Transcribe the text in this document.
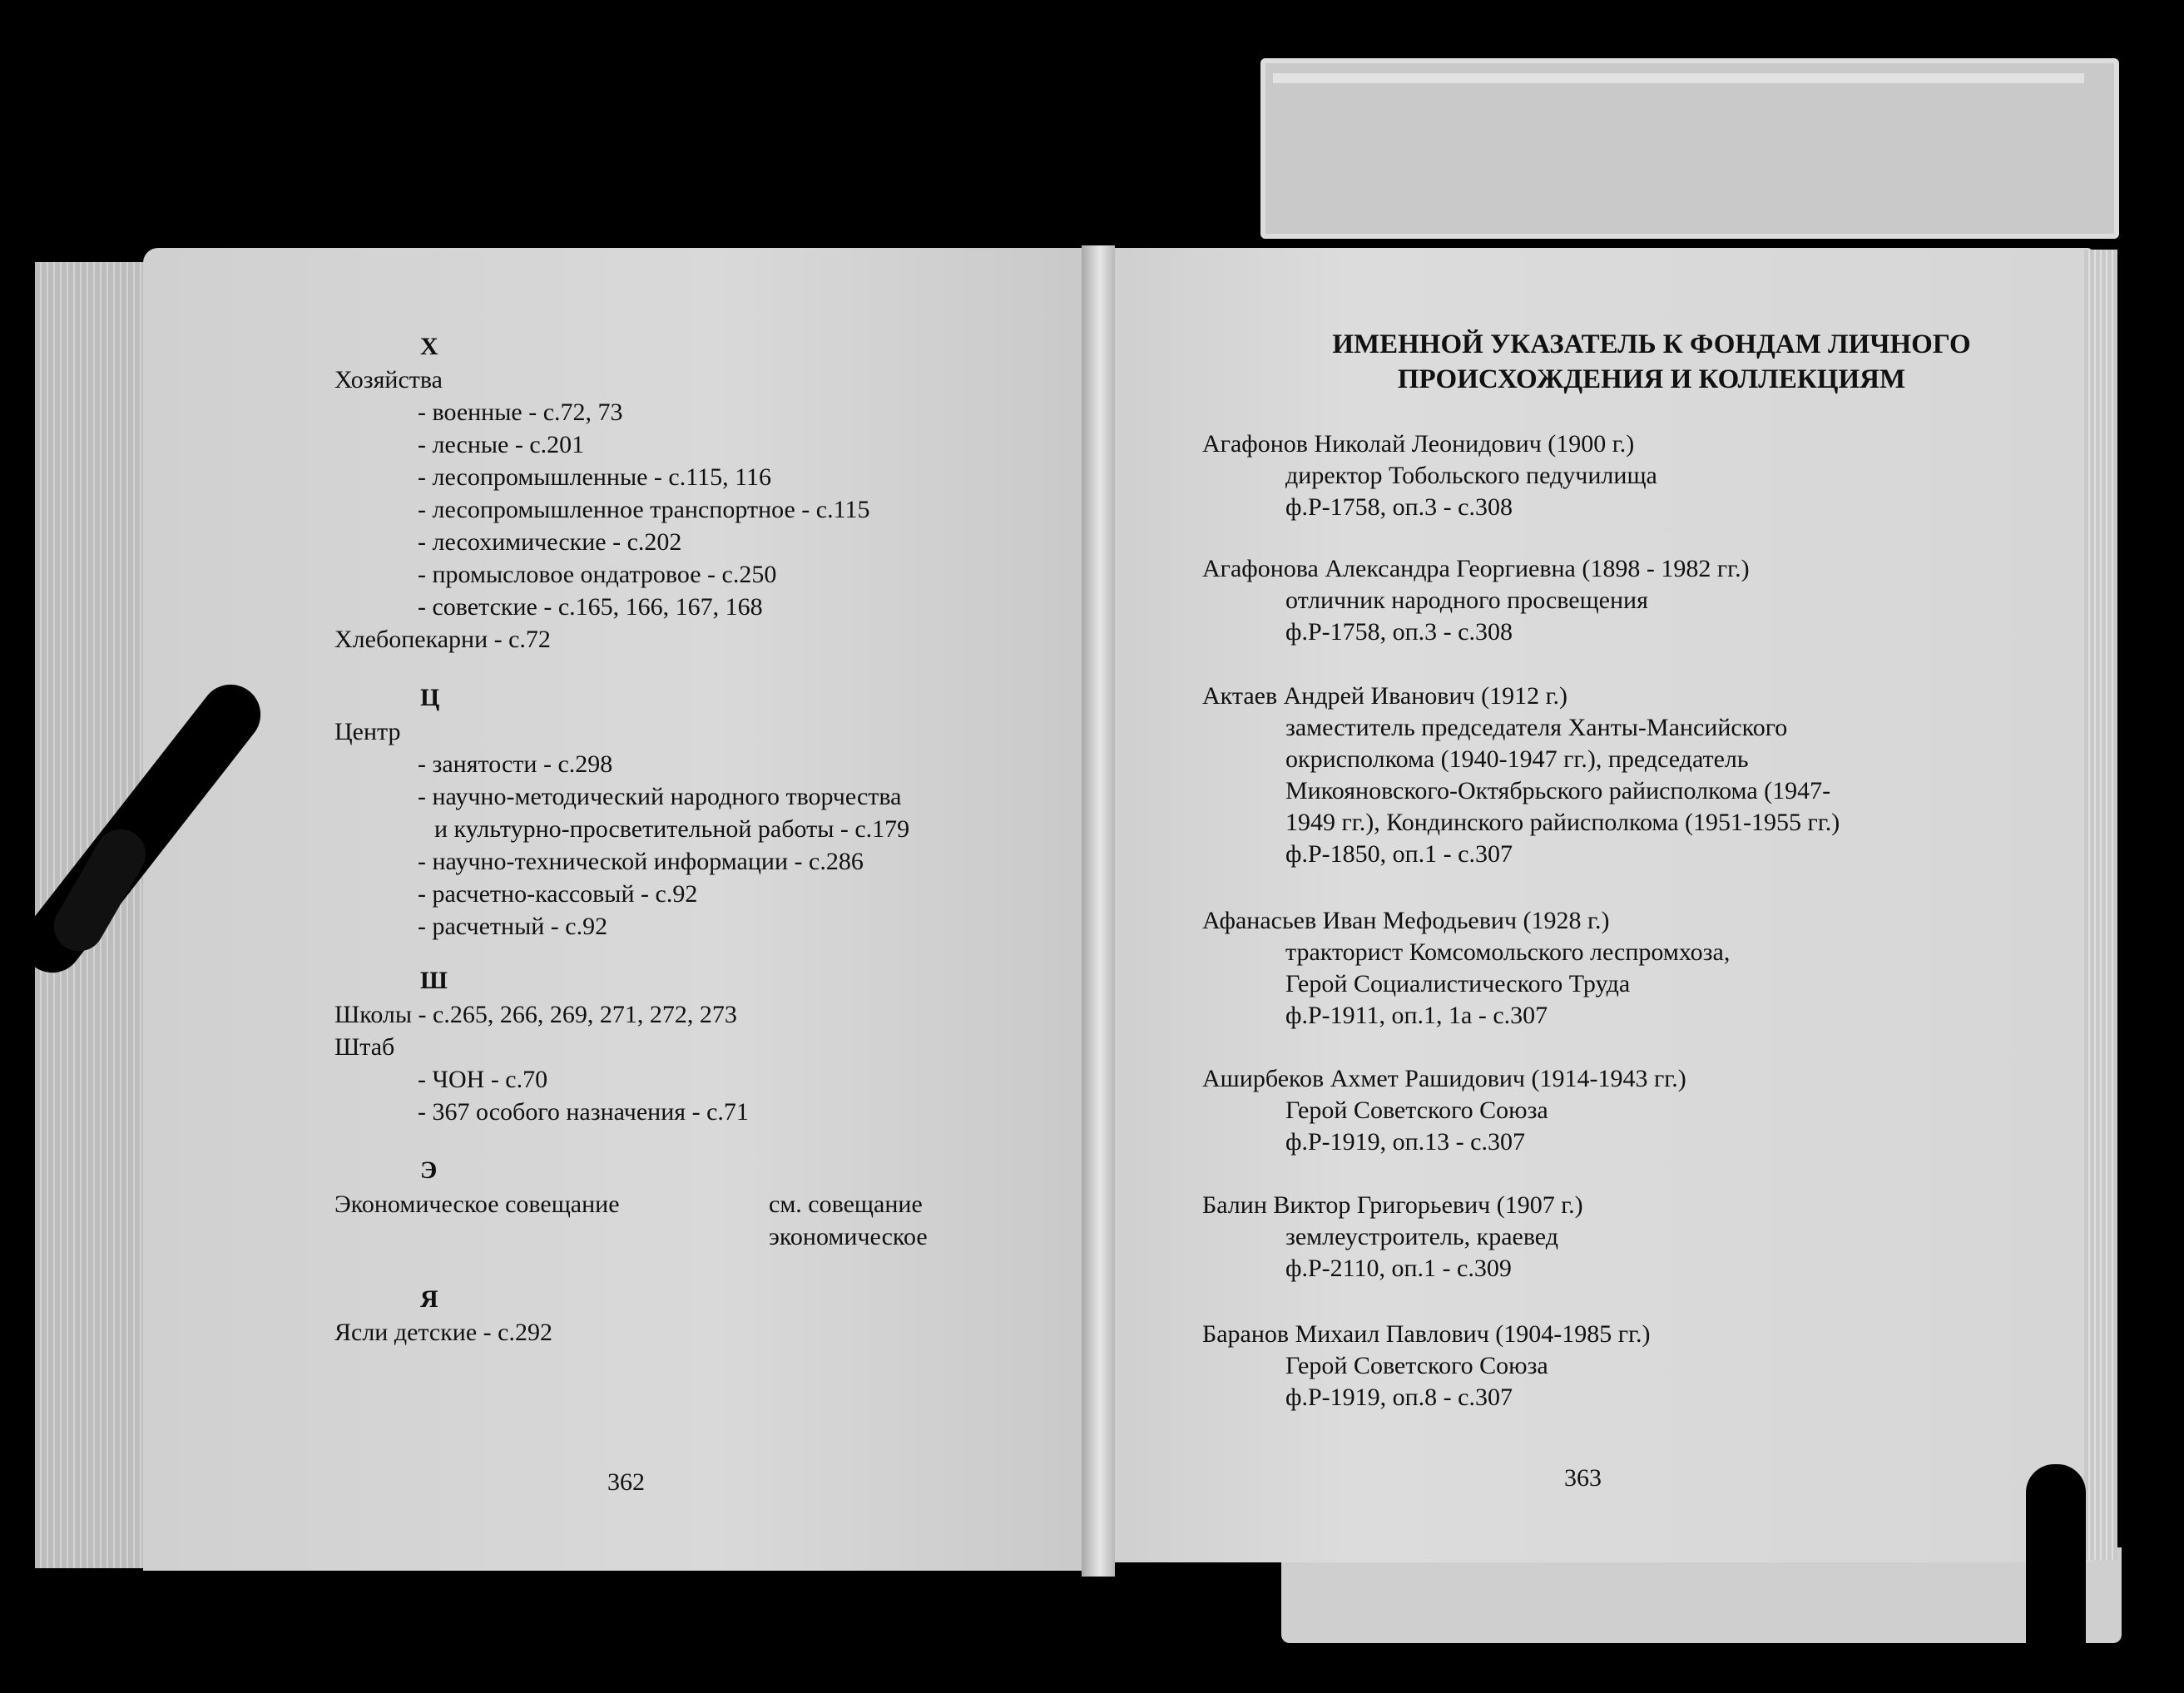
Х
Хозяйства
- военные - с.72, 73
- лесные - с.201
- лесопромышленные - с.115, 116
- лесопромышленное транспортное - с.115
- лесохимические - с.202
- промысловое ондатровое - с.250
- советские - с.165, 166, 167, 168
Хлебопекарни - с.72
Ц
Центр
- занятости - с.298
- научно-методический народного творчества
и культурно-просветительной работы - с.179
- научно-технической информации - с.286
- расчетно-кассовый - с.92
- расчетный - с.92
Ш
Школы - с.265, 266, 269, 271, 272, 273
Штаб
- ЧОН - с.70
- 367 особого назначения - с.71
Э
Экономическое совещание	см. совещание
экономическое
Я
Ясли детские - с.292
362
ИМЕННОЙ УКАЗАТЕЛЬ К ФОНДАМ ЛИЧНОГО
ПРОИСХОЖДЕНИЯ И КОЛЛЕКЦИЯМ
Агафонов Николай Леонидович (1900 г.)
директор Тобольского педучилища
ф.Р-1758, оп.3 - с.308
Агафонова Александра Георгиевна (1898 - 1982 гг.)
отличник народного просвещения
ф.Р-1758, оп.3 - с.308
Актаев Андрей Иванович (1912 г.)
заместитель председателя Ханты-Мансийского
окрисполкома (1940-1947 гг.), председатель
Микояновского-Октябрьского райисполкома (1947-
1949 гг.), Кондинского райисполкома (1951-1955 гг.)
ф.Р-1850, оп.1 - с.307
Афанасьев Иван Мефодьевич (1928 г.)
тракторист Комсомольского леспромхоза,
Герой Социалистического Труда
ф.Р-1911, оп.1, 1а - с.307
Аширбеков Ахмет Рашидович (1914-1943 гг.)
Герой Советского Союза
ф.Р-1919, оп.13 - с.307
Балин Виктор Григорьевич (1907 г.)
землеустроитель, краевед
ф.Р-2110, оп.1 - с.309
Баранов Михаил Павлович (1904-1985 гг.)
Герой Советского Союза
ф.Р-1919, оп.8 - с.307
363
